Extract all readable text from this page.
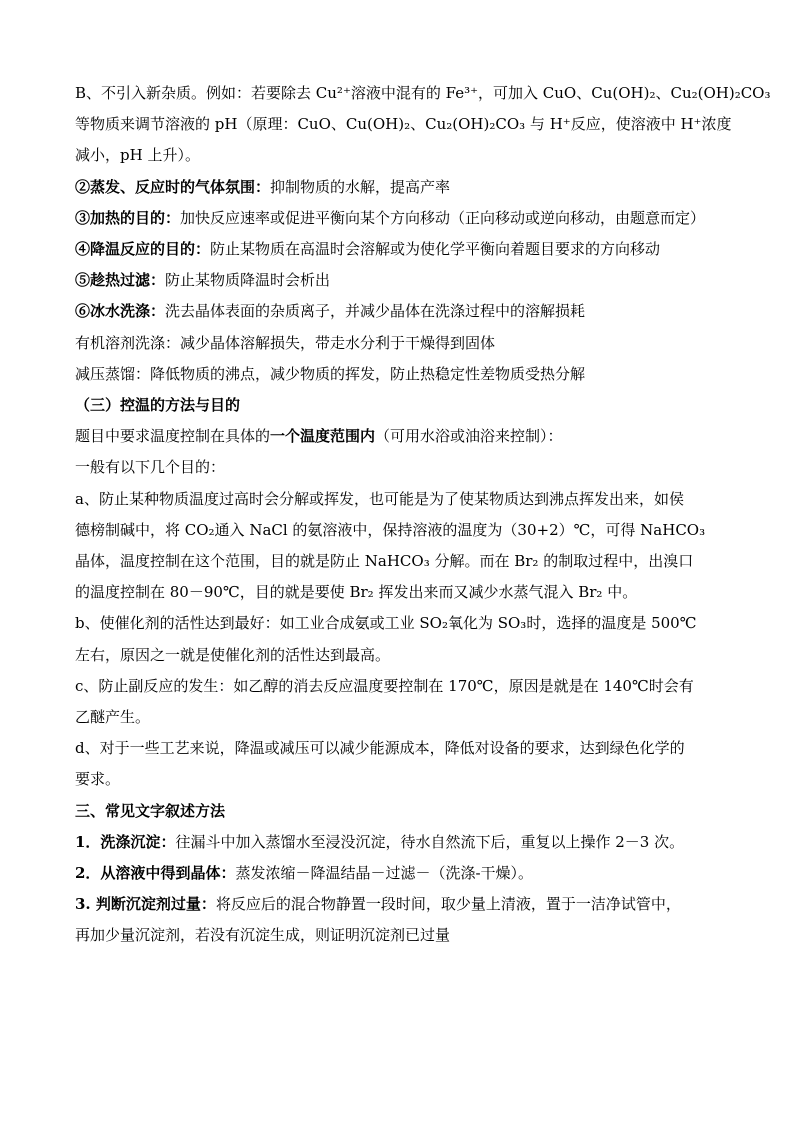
B、不引入新杂质。例如：若要除去 Cu²⁺溶液中混有的 Fe³⁺，可加入 CuO、Cu(OH)₂、Cu₂(OH)₂CO₃
等物质来调节溶液的 pH（原理：CuO、Cu(OH)₂、Cu₂(OH)₂CO₃ 与 H⁺反应，使溶液中 H⁺浓度
减小，pH 上升）。
②蒸发、反应时的气体氛围：抑制物质的水解，提高产率
③加热的目的：加快反应速率或促进平衡向某个方向移动（正向移动或逆向移动，由题意而定）
④降温反应的目的：防止某物质在高温时会溶解或为使化学平衡向着题目要求的方向移动
⑤趁热过滤：防止某物质降温时会析出
⑥冰水洗涤：洗去晶体表面的杂质离子，并减少晶体在洗涤过程中的溶解损耗
有机溶剂洗涤：减少晶体溶解损失，带走水分利于干燥得到固体
减压蒸馏：降低物质的沸点，减少物质的挥发，防止热稳定性差物质受热分解
（三）控温的方法与目的
题目中要求温度控制在具体的一个温度范围内（可用水浴或油浴来控制）：
一般有以下几个目的：
a、防止某种物质温度过高时会分解或挥发，也可能是为了使某物质达到沸点挥发出来，如侯
德榜制碱中，将 CO₂通入 NaCl 的氨溶液中，保持溶液的温度为（30+2）℃，可得 NaHCO₃
晶体，温度控制在这个范围，目的就是防止 NaHCO₃ 分解。而在 Br₂ 的制取过程中，出溴口
的温度控制在 80－90℃，目的就是要使 Br₂ 挥发出来而又减少水蒸气混入 Br₂ 中。
b、使催化剂的活性达到最好：如工业合成氨或工业 SO₂氧化为 SO₃时，选择的温度是 500℃
左右，原因之一就是使催化剂的活性达到最高。
c、防止副反应的发生：如乙醇的消去反应温度要控制在 170℃，原因是就是在 140℃时会有
乙醚产生。
d、对于一些工艺来说，降温或减压可以减少能源成本，降低对设备的要求，达到绿色化学的
要求。
三、常见文字叙述方法
1．洗涤沉淀：往漏斗中加入蒸馏水至浸没沉淀，待水自然流下后，重复以上操作 2－3 次。
2．从溶液中得到晶体：蒸发浓缩－降温结晶－过滤－（洗涤-干燥）。
3. 判断沉淀剂过量：将反应后的混合物静置一段时间，取少量上清液，置于一洁净试管中，
再加少量沉淀剂，若没有沉淀生成，则证明沉淀剂已过量
